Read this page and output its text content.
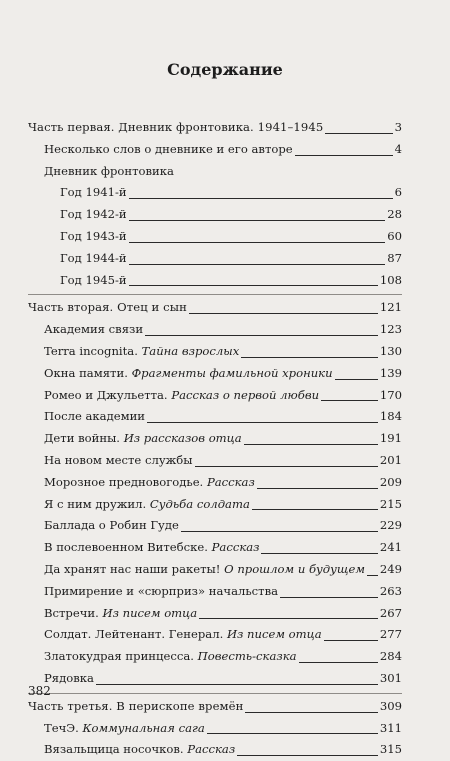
Содержание
Часть первая. Дневник фронтовика. 1941–1945	3
Несколько слов о дневнике и его авторе	4
Дневник фронтовика
Год 1941-й	6
Год 1942-й	28
Год 1943-й	60
Год 1944-й	87
Год 1945-й	108
Часть вторая. Отец и сын	121
Академия связи	123
Terra incognita. Тайна взрослых	130
Окна памяти. Фрагменты фамильной хроники	139
Ромео и Джульетта. Рассказ о первой любви	170
После академии	184
Дети войны. Из рассказов отца	191
На новом месте службы	201
Морозное предновогодье. Рассказ	209
Я с ним дружил. Судьба солдата	215
Баллада о Робин Гуде	229
В послевоенном Витебске. Рассказ	241
Да хранят нас наши ракеты! О прошлом и будущем 249
Примирение и «сюрприз» начальства	263
Встречи. Из писем отца	267
Солдат. Лейтенант. Генерал. Из писем отца	277
Златокудрая принцесса. Повесть-сказка	284
Рядовка	301
Часть третья. В перископе времён	309
ТечЭ. Коммунальная сага	311
Вязальщица носочков. Рассказ	315
382
